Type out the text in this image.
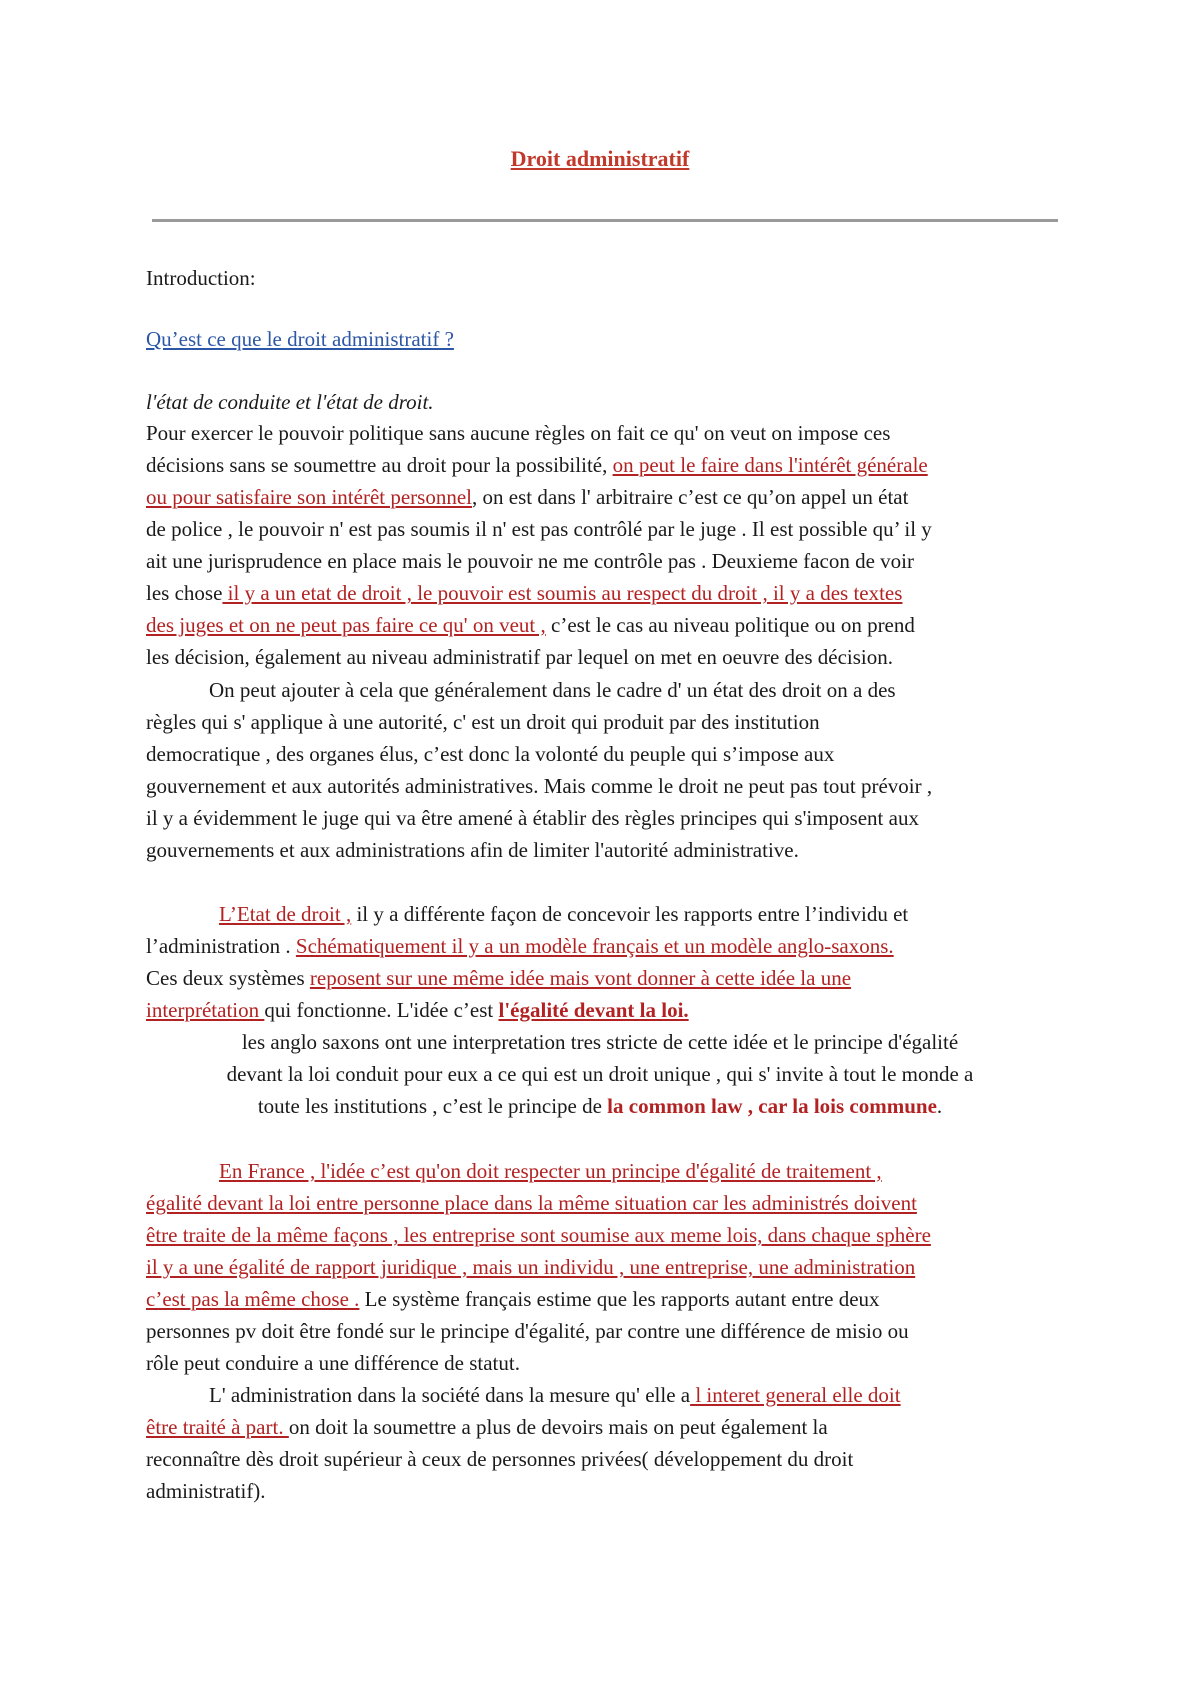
Droit administratif

Introduction:

Qu’est ce que le droit administratif ?

l'état de conduite et l'état de droit.

Pour exercer le pouvoir politique sans aucune règles on fait ce qu' on veut on impose ces

décisions sans se soumettre au droit pour la possibilité, on peut le faire dans l'intérêt générale

ou pour satisfaire son intérêt personnel, on est dans l' arbitraire c’est ce qu’on appel un état

de police , le pouvoir n' est pas soumis il n' est pas contrôlé par le juge . Il est possible qu’ il y

ait une jurisprudence en place mais le pouvoir ne me contrôle pas . Deuxieme facon de voir

les chose il y a un etat de droit , le pouvoir est soumis au respect du droit , il y a des textes

des juges et on ne peut pas faire ce qu' on veut , c’est le cas au niveau politique ou on prend

les décision, également au niveau administratif par lequel on met en oeuvre des décision.

On peut ajouter à cela que généralement dans le cadre d' un état des droit on a des

règles qui s' applique à une autorité, c' est un droit qui produit par des institution

democratique , des organes élus, c’est donc la volonté du peuple qui s’impose aux

gouvernement et aux autorités administratives. Mais comme le droit ne peut pas tout prévoir ,

il y a évidemment le juge qui va être amené à établir des règles principes qui s'imposent aux

gouvernements et aux administrations afin de limiter l'autorité administrative.

L’Etat de droit , il y a différente façon de concevoir les rapports entre l’individu et

l’administration . Schématiquement il y a un modèle français et un modèle anglo-saxons.

Ces deux systèmes reposent sur une même idée mais vont donner à cette idée la une

interprétation qui fonctionne. L'idée c’est l'égalité devant la loi.

les anglo saxons ont une interpretation tres stricte de cette idée et le principe d'égalité

devant la loi conduit pour eux a ce qui est un droit unique , qui s' invite à tout le monde a

toute les institutions , c’est le principe de la common law , car la lois commune.

En France , l'idée c’est qu'on doit respecter un principe d'égalité de traitement ,

égalité devant la loi entre personne place dans la même situation car les administrés doivent

être traite de la même façons , les entreprise sont soumise aux meme lois, dans chaque sphère

il y a une égalité de rapport juridique , mais un individu , une entreprise, une administration

c’est pas la même chose . Le système français estime que les rapports autant entre deux

personnes pv doit être fondé sur le principe d'égalité, par contre une différence de misio ou

rôle peut conduire a une différence de statut.

L' administration dans la société dans la mesure qu' elle a l interet general elle doit

être traité à part. on doit la soumettre a plus de devoirs mais on peut également la

reconnaître dès droit supérieur à ceux de personnes privées( développement du droit

administratif).
